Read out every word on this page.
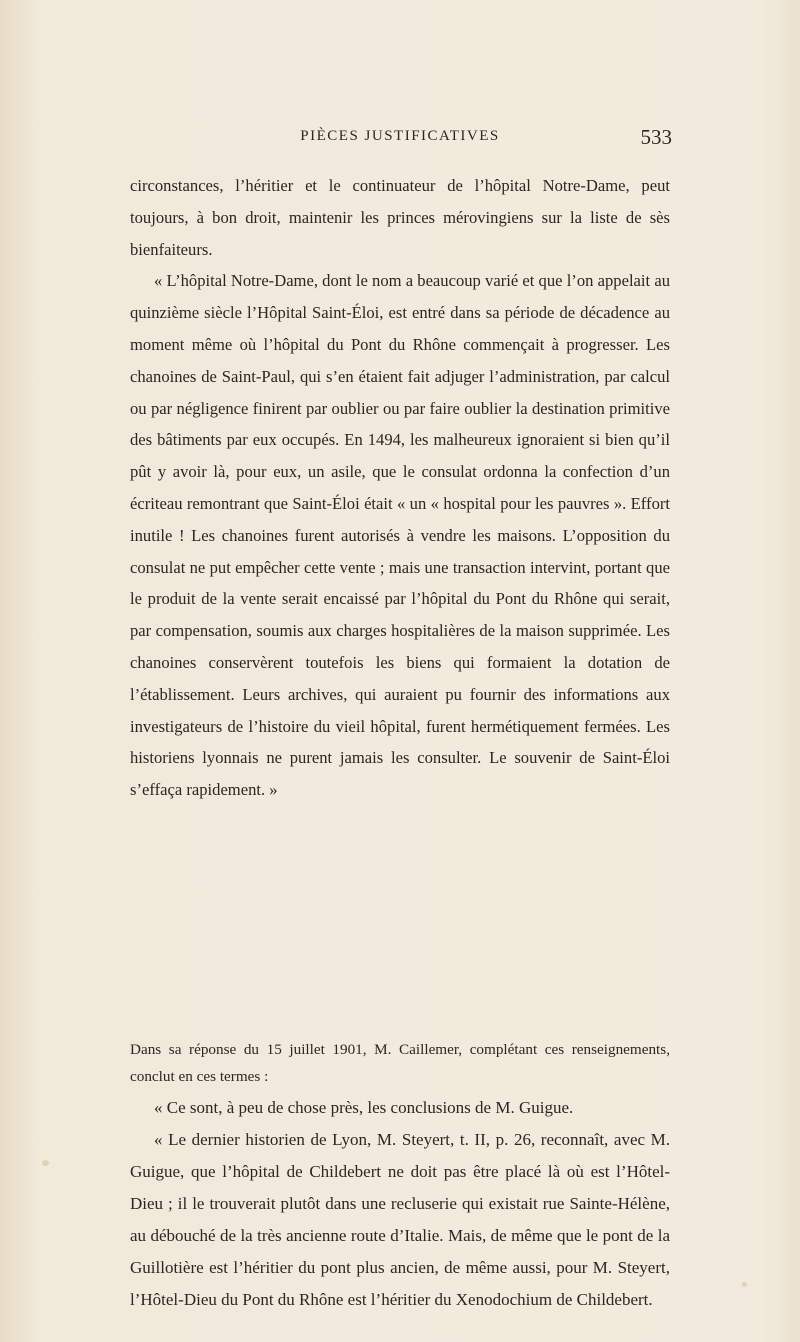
PIÈCES JUSTIFICATIVES	533

circonstances, l’héritier et le continuateur de l’hôpital Notre-Dame, peut toujours, à bon droit, maintenir les princes mérovingiens sur la liste de sès bienfaiteurs.

« L’hôpital Notre-Dame, dont le nom a beaucoup varié et que l’on appelait au quinzième siècle l’Hôpital Saint-Éloi, est entré dans sa période de décadence au moment même où l’hôpital du Pont du Rhône commençait à progresser. Les chanoines de Saint-Paul, qui s’en étaient fait adjuger l’administration, par calcul ou par négligence finirent par oublier ou par faire oublier la destination primitive des bâtiments par eux occupés. En 1494, les malheureux ignoraient si bien qu’il pût y avoir là, pour eux, un asile, que le consulat ordonna la confection d’un écriteau remontrant que Saint-Éloi était « un « hospital pour les pauvres ». Effort inutile ! Les chanoines furent autorisés à vendre les maisons. L’opposition du consulat ne put empêcher cette vente ; mais une transaction intervint, portant que le produit de la vente serait encaissé par l’hôpital du Pont du Rhône qui serait, par compensation, soumis aux charges hospitalières de la maison supprimée. Les chanoines conservèrent toutefois les biens qui formaient la dotation de l’établissement. Leurs archives, qui auraient pu fournir des informations aux investigateurs de l’histoire du vieil hôpital, furent hermétiquement fermées. Les historiens lyonnais ne purent jamais les consulter. Le souvenir de Saint-Éloi s’effaça rapidement. »

Dans sa réponse du 15 juillet 1901, M. Caillemer, complétant ces renseignements, conclut en ces termes :

« Ce sont, à peu de chose près, les conclusions de M. Guigue.

« Le dernier historien de Lyon, M. Steyert, t. II, p. 26, reconnaît, avec M. Guigue, que l’hôpital de Childebert ne doit pas être placé là où est l’Hôtel-Dieu ; il le trouverait plutôt dans une recluserie qui existait rue Sainte-Hélène, au débouché de la très ancienne route d’Italie. Mais, de même que le pont de la Guillotière est l’héritier du pont plus ancien, de même aussi, pour M. Steyert, l’Hôtel-Dieu du Pont du Rhône est l’héritier du Xenodochium de Childebert.
